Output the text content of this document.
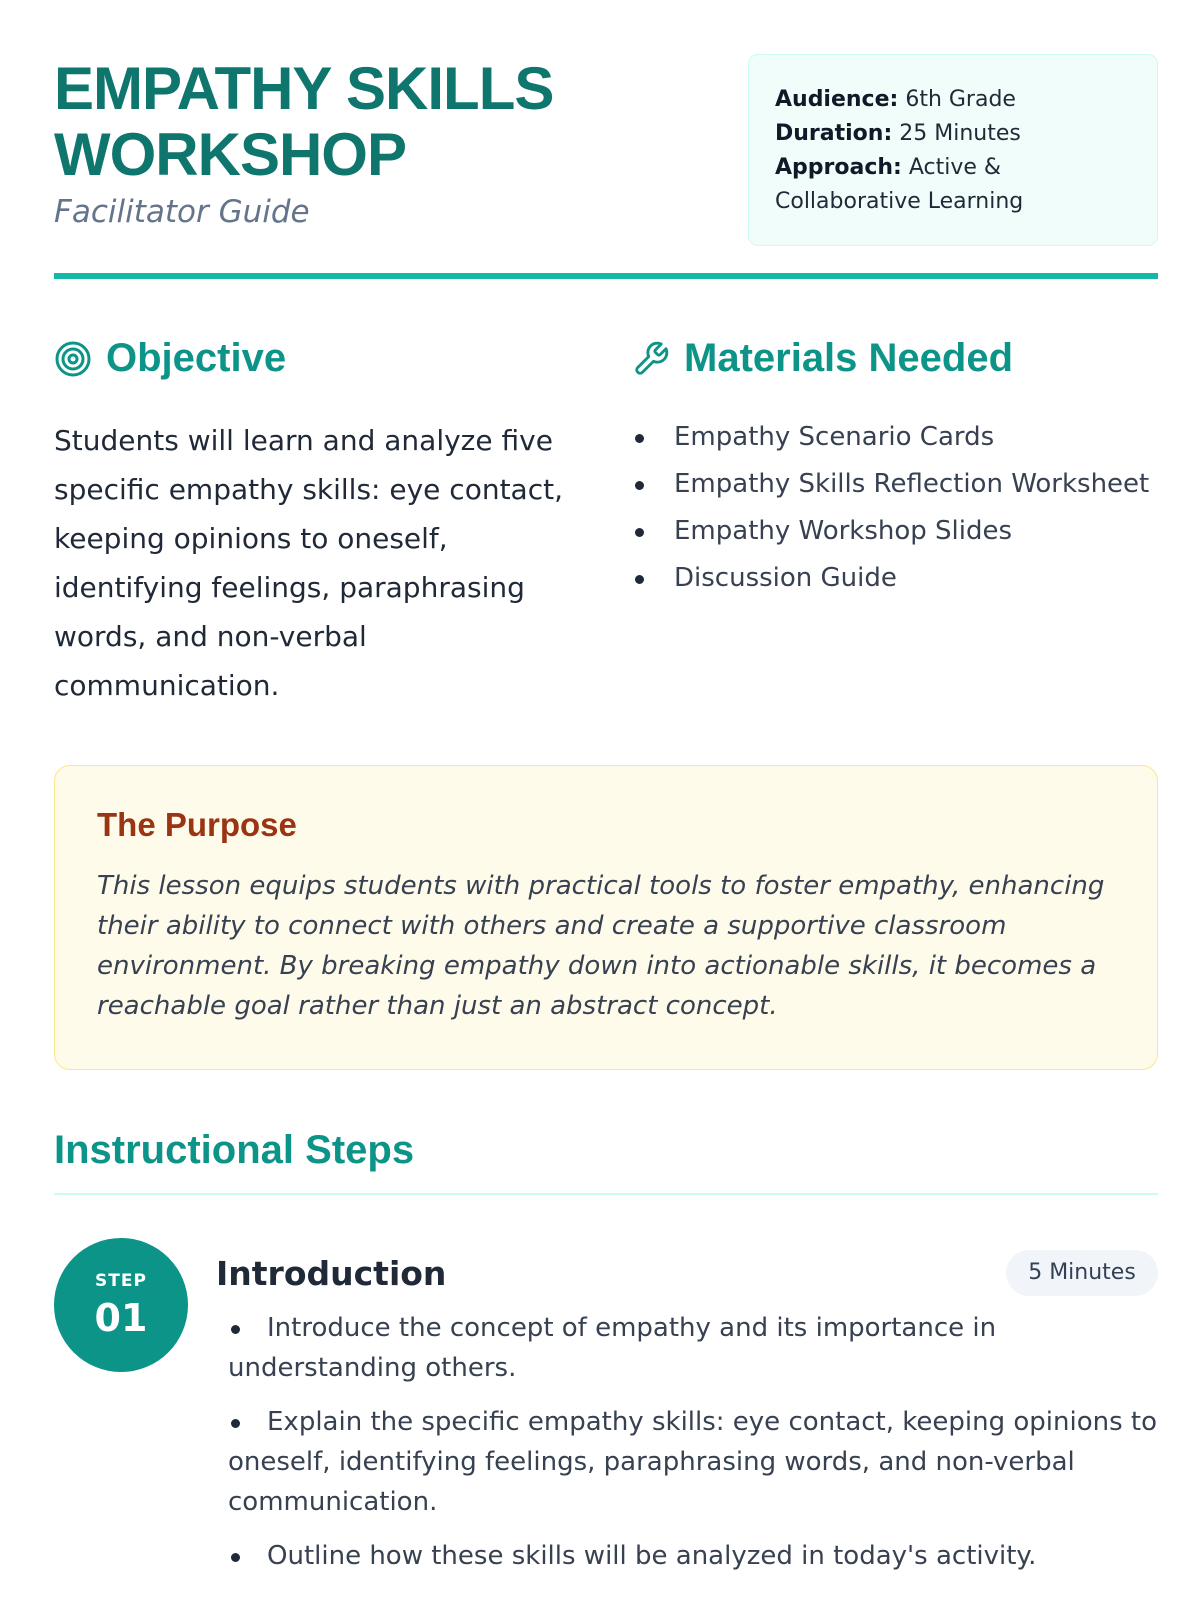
EMPATHY SKILLS
WORKSHOP
Facilitator Guide
Audience: 6th Grade
Duration: 25 Minutes
Approach: Active & Collaborative Learning
Objective

Students will learn and analyze five specific empathy skills: eye contact, keeping opinions to oneself, identifying feelings, paraphrasing words, and non-verbal communication.

Materials Needed
Empathy Scenario Cards
Empathy Skills Reflection Worksheet
Empathy Workshop Slides
Discussion Guide
The Purpose

This lesson equips students with practical tools to foster empathy, enhancing their ability to connect with others and create a supportive classroom environment. By breaking empathy down into actionable skills, it becomes a reachable goal rather than just an abstract concept.

Instructional Steps
STEP
01
Introduction	5 Minutes
Introduce the concept of empathy and its importance in understanding others.
Explain the specific empathy skills: eye contact, keeping opinions to oneself, identifying feelings, paraphrasing words, and non-verbal communication.
Outline how these skills will be analyzed in today's activity.
